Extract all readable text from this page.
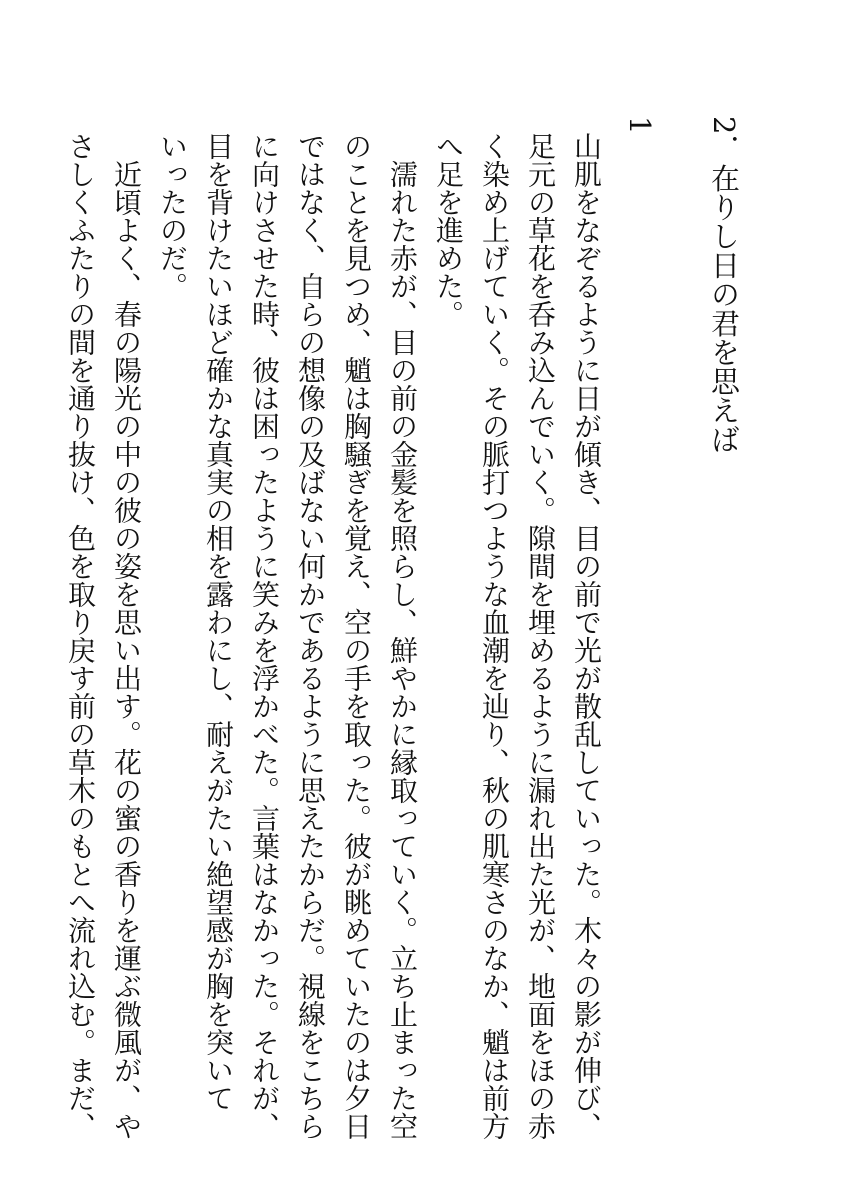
2．在りし日の君を思えば
1
山肌をなぞるように日が傾き、目の前で光が散乱していった。木々の影が伸び、
足元の草花を呑み込んでいく。隙間を埋めるように漏れ出た光が、地面をほの赤
く染め上げていく。その脈打つような血潮を辿り、秋の肌寒さのなか、魈は前方
へ足を進めた。
　濡れた赤が、目の前の金髪を照らし、鮮やかに縁取っていく。立ち止まった空
のことを見つめ、魈は胸騒ぎを覚え、空の手を取った。彼が眺めていたのは夕日
ではなく、自らの想像の及ばない何かであるように思えたからだ。視線をこちら
に向けさせた時、彼は困ったように笑みを浮かべた。言葉はなかった。それが、
目を背けたいほど確かな真実の相を露わにし、耐えがたい絶望感が胸を突いて
いったのだ。
　近頃よく、春の陽光の中の彼の姿を思い出す。花の蜜の香りを運ぶ微風が、や
さしくふたりの間を通り抜け、色を取り戻す前の草木のもとへ流れ込む。まだ、
